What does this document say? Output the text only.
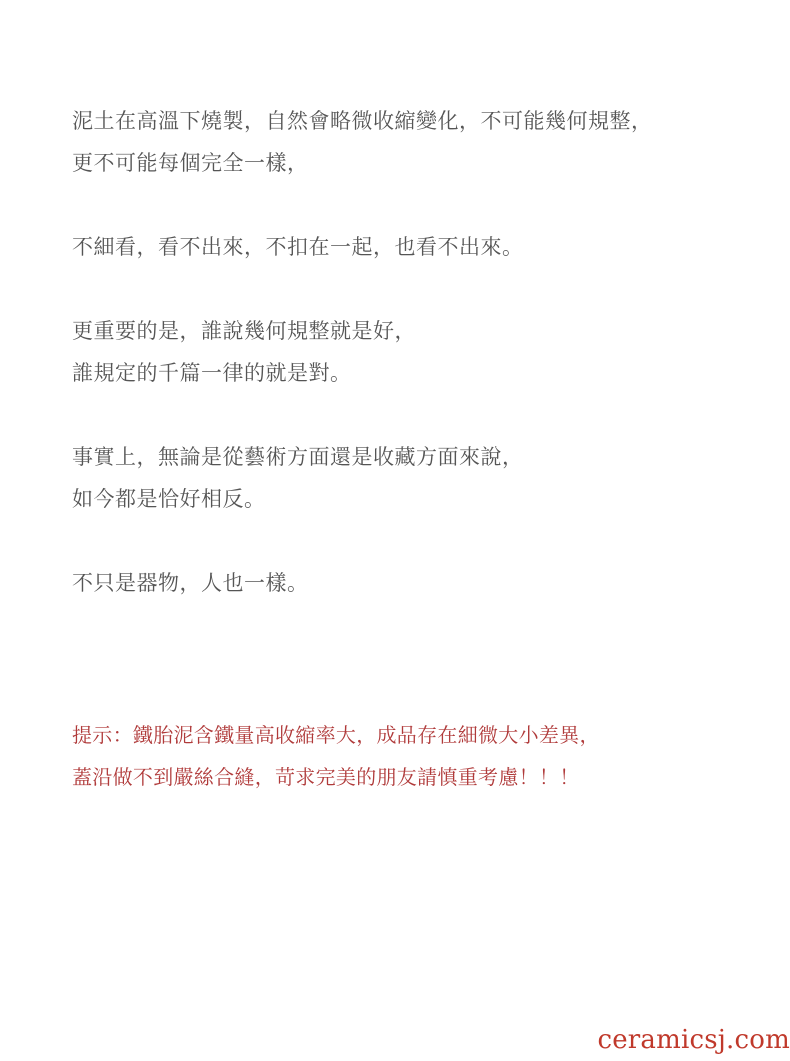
泥土在高溫下燒製，自然會略微收縮變化，不可能幾何規整，
更不可能每個完全一樣，

不細看，看不出來，不扣在一起，也看不出來。

更重要的是，誰說幾何規整就是好，
誰規定的千篇一律的就是對。

事實上，無論是從藝術方面還是收藏方面來說，
如今都是恰好相反。

不只是器物，人也一樣。

提示：鐵胎泥含鐵量高收縮率大，成品存在細微大小差異，
蓋沿做不到嚴絲合縫，苛求完美的朋友請慎重考慮！！！

ceramicsj.com
